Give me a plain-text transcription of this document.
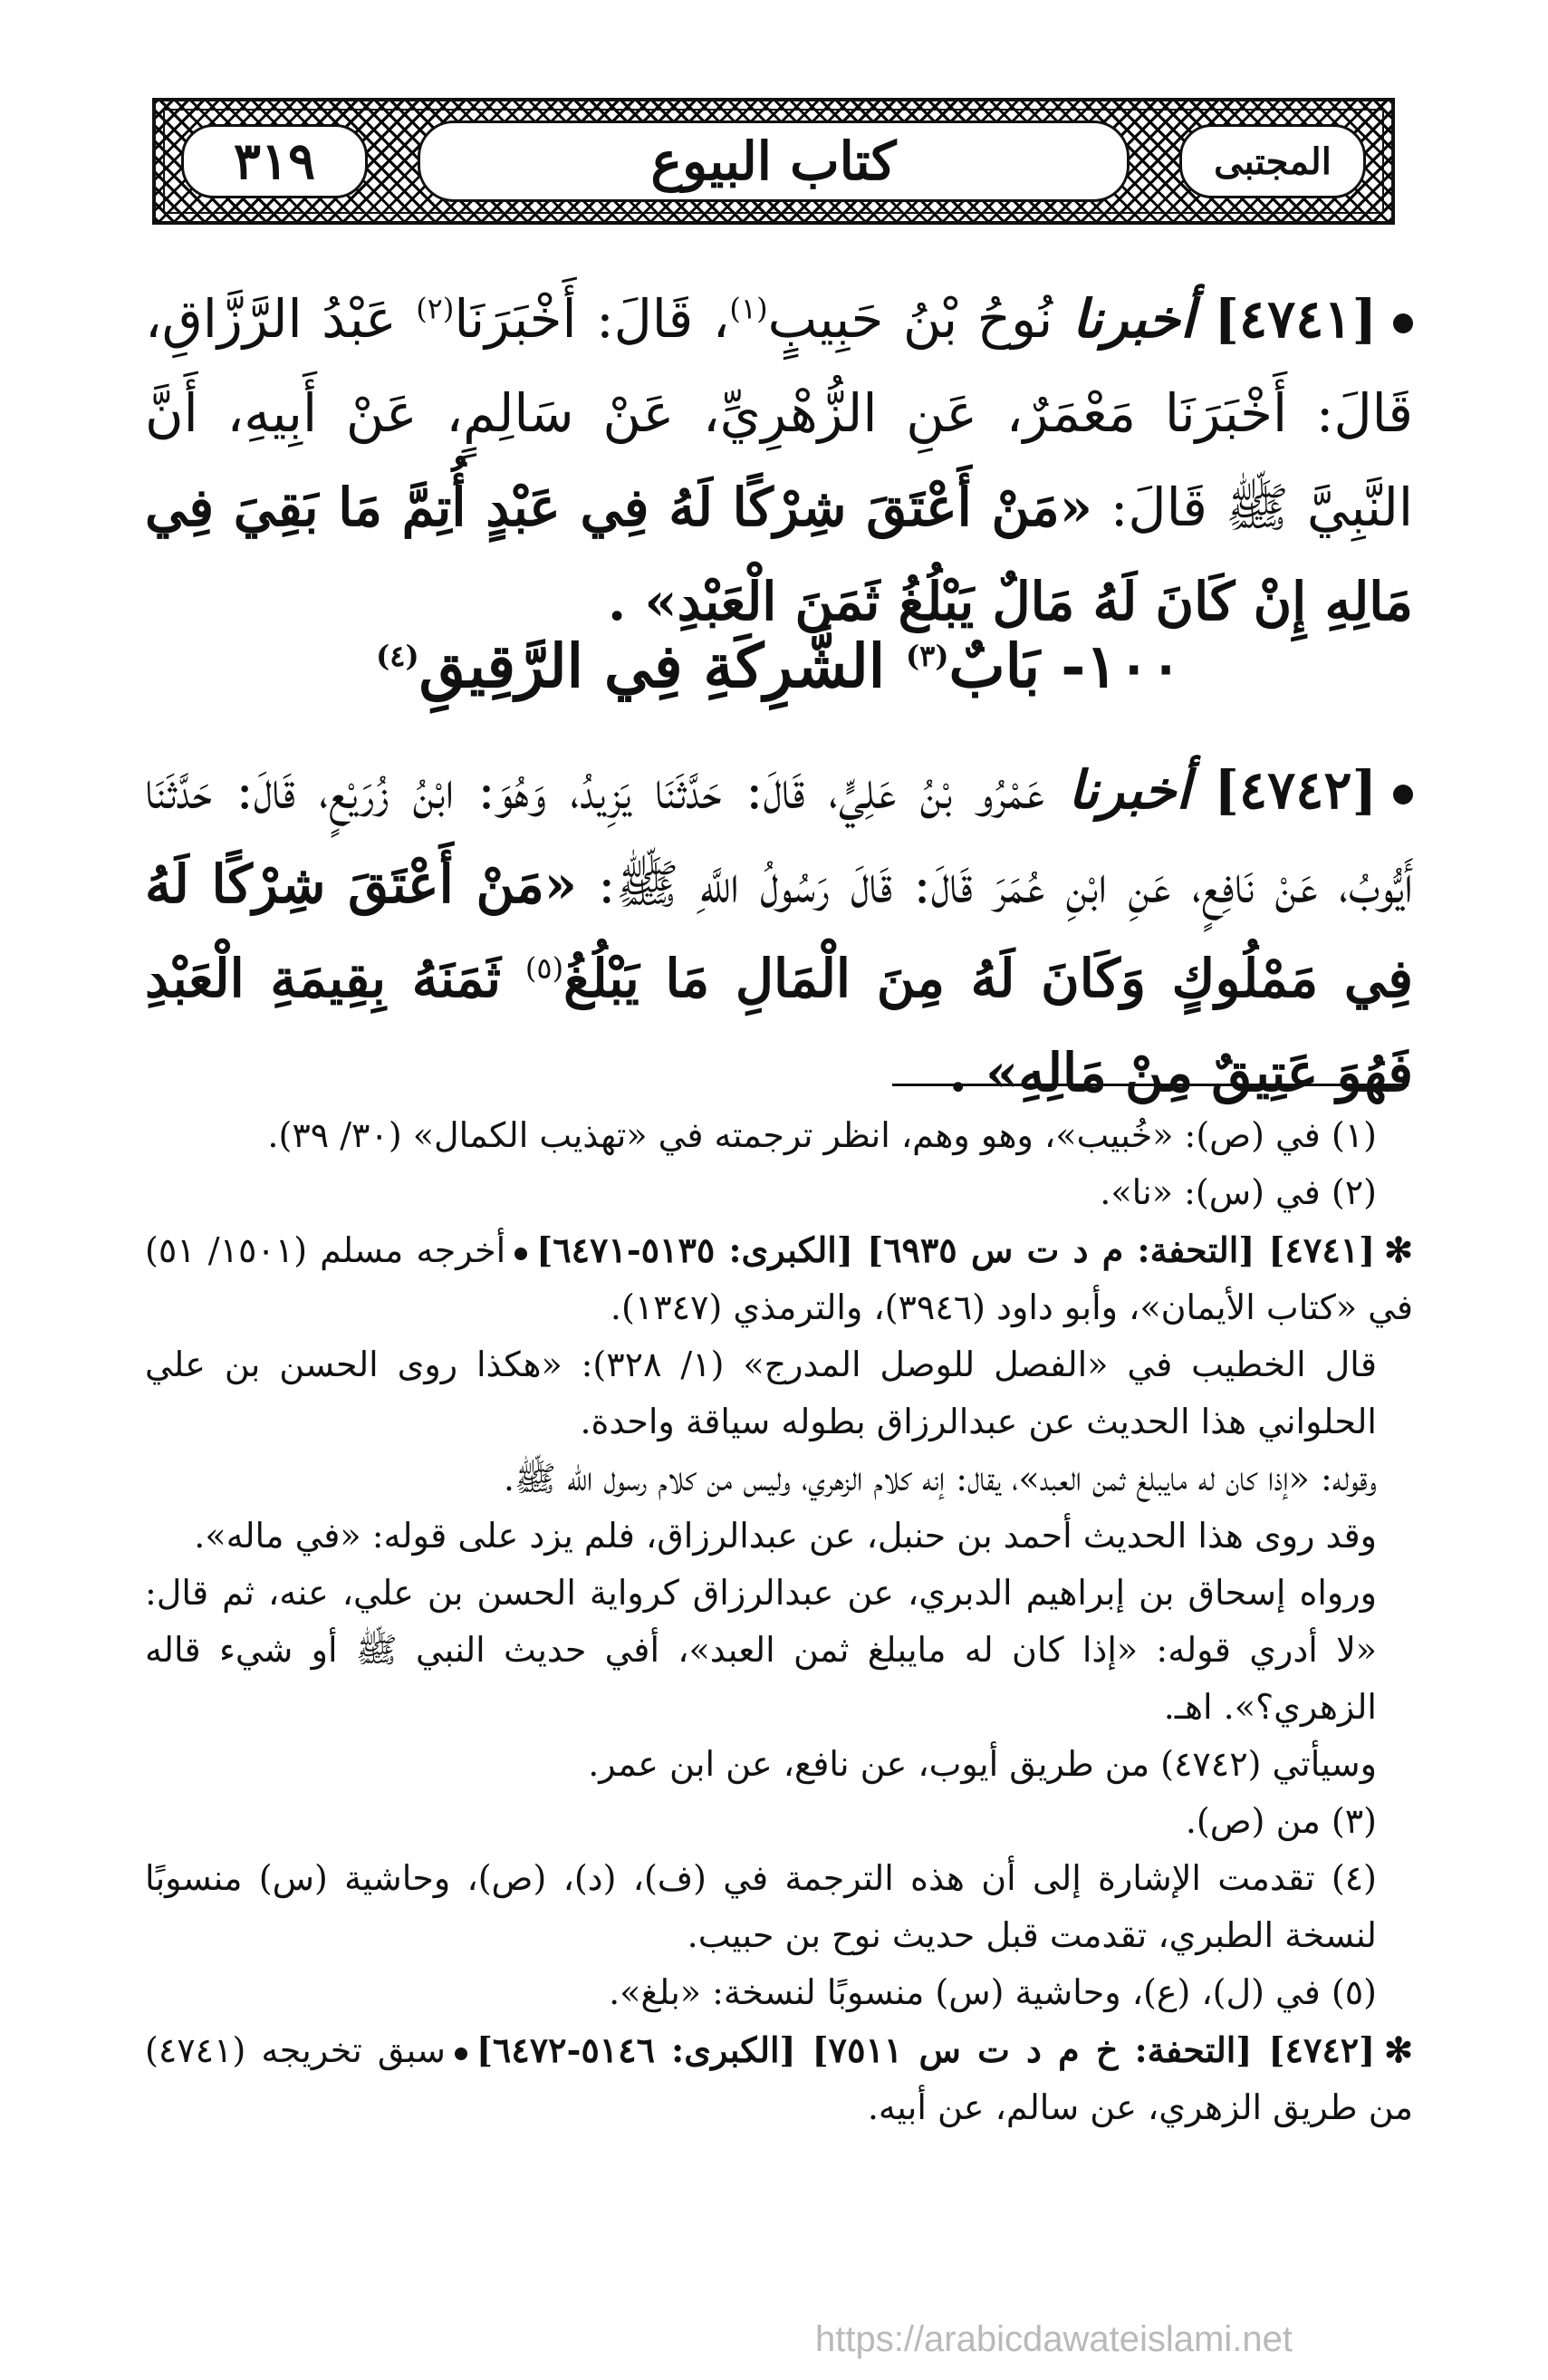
٣١٩	كتاب البيوع	المجتبى
[٤٧٤١] أخبرنا نُوحُ بْنُ حَبِيبٍ$^{(١)}$، قَالَ: أَخْبَرَنَا$^{(٢)}$ عَبْدُ الرَّزَّاقِ، قَالَ: أَخْبَرَنَا مَعْمَرٌ، عَنِ الزُّهْرِيِّ، عَنْ سَالِمٍ، عَنْ أَبِيهِ، أَنَّ النَّبِيَّ ﷺ قَالَ: «مَنْ أَعْتَقَ شِرْكًا لَهُ فِي عَبْدٍ أُتِمَّ مَا بَقِيَ فِي مَالِهِ إِنْ كَانَ لَهُ مَالٌ يَبْلُغُ ثَمَنَ الْعَبْدِ» .
١٠٠- بَابٌ$^{(٣)}$ الشَّرِكَةِ فِي الرَّقِيقِ$^{(٤)}$
[٤٧٤٢] أخبرنا عَمْرُو بْنُ عَلِيٍّ، قَالَ: حَدَّثَنَا يَزِيدُ، وَهُوَ: ابْنُ زُرَيْعٍ، قَالَ: حَدَّثَنَا أَيُّوبُ، عَنْ نَافِعٍ، عَنِ ابْنِ عُمَرَ قَالَ: قَالَ رَسُولُ اللَّهِ ﷺ: «مَنْ أَعْتَقَ شِرْكًا لَهُ فِي مَمْلُوكٍ وَكَانَ لَهُ مِنَ الْمَالِ مَا يَبْلُغُ$^{(٥)}$ ثَمَنَهُ بِقِيمَةِ الْعَبْدِ فَهُوَ عَتِيقٌ مِنْ مَالِهِ» .

(١) في (ص): «خُبيب»، وهو وهم، انظر ترجمته في «تهذيب الكمال» (٣٠/ ٣٩).

(٢) في (س): «نا».

✻[٤٧٤١] [التحفة: م د ت س ٦٩٣٥] [الكبرى: ٥١٣٥-٦٤٧١]أخرجه مسلم (١٥٠١/ ٥١) في «كتاب الأيمان»، وأبو داود (٣٩٤٦)، والترمذي (١٣٤٧).

قال الخطيب في «الفصل للوصل المدرج» (١/ ٣٢٨): «هكذا روى الحسن بن علي الحلواني هذا الحديث عن عبدالرزاق بطوله سياقة واحدة.

وقوله: «إذا كان له مايبلغ ثمن العبد»، يقال: إنه كلام الزهري، وليس من كلام رسول الله ﷺ.

وقد روى هذا الحديث أحمد بن حنبل، عن عبدالرزاق، فلم يزد على قوله: «في ماله».

ورواه إسحاق بن إبراهيم الدبري، عن عبدالرزاق كرواية الحسن بن علي، عنه، ثم قال: «لا أدري قوله: «إذا كان له مايبلغ ثمن العبد»، أفي حديث النبي ﷺ أو شيء قاله الزهري؟». اهـ.

وسيأتي (٤٧٤٢) من طريق أيوب، عن نافع، عن ابن عمر.

(٣) من (ص).

(٤) تقدمت الإشارة إلى أن هذه الترجمة في (ف)، (د)، (ص)، وحاشية (س) منسوبًا لنسخة الطبري، تقدمت قبل حديث نوح بن حبيب.

(٥) في (ل)، (ع)، وحاشية (س) منسوبًا لنسخة: «بلغ».

✻[٤٧٤٢] [التحفة: خ م د ت س ٧٥١١] [الكبرى: ٥١٤٦-٦٤٧٢]سبق تخريجه (٤٧٤١) من طريق الزهري، عن سالم، عن أبيه.

https://arabicdawateislami.net
